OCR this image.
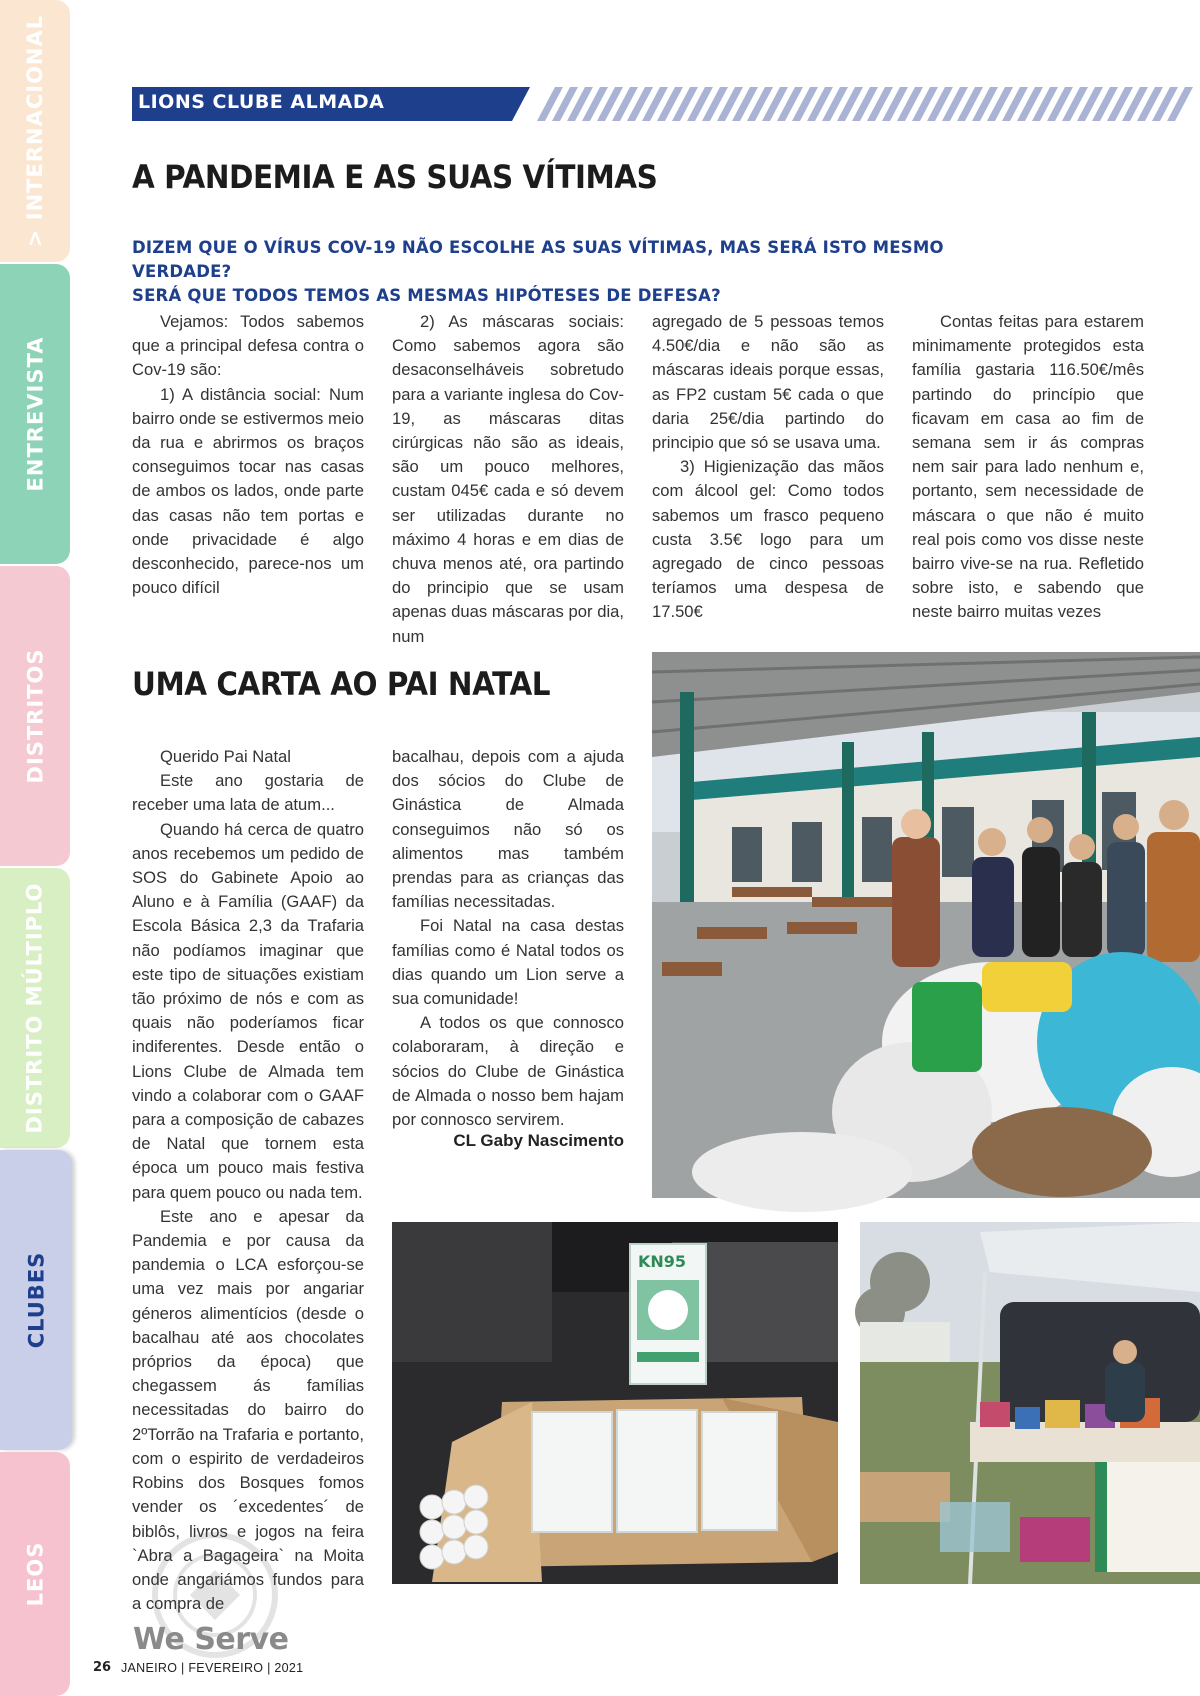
> INTERNACIONAL
ENTREVISTA
DISTRITOS
DISTRITO MÚLTIPLO
CLUBES
LEOS
LIONS CLUBE ALMADA
A PANDEMIA E AS SUAS VÍTIMAS
DIZEM QUE O VÍRUS COV-19 NÃO ESCOLHE AS SUAS VÍTIMAS, MAS SERÁ ISTO MESMO VERDADE?
SERÁ QUE TODOS TEMOS AS MESMAS HIPÓTESES DE DEFESA?

Vejamos: Todos sabemos que a principal defesa contra o Cov-19 são:

1) A distância social: Num bairro onde se estivermos meio da rua e abrirmos os braços conseguimos tocar nas casas de ambos os lados, onde parte das casas não tem portas e onde privacidade é algo desconhecido, parece-nos um pouco difícil

2) As máscaras sociais: Como sabemos agora são desaconselháveis sobretudo para a variante inglesa do Cov-19, as máscaras ditas cirúrgicas não são as ideais, são um pouco melhores, custam 045€ cada e só devem ser utilizadas durante no máximo 4 horas e em dias de chuva menos até, ora partindo do principio que se usam apenas duas máscaras por dia, num

agregado de 5 pessoas temos 4.50€/dia e não são as máscaras ideais porque essas, as FP2 custam 5€ cada o que daria 25€/dia partindo do principio que só se usava uma.

3) Higienização das mãos com álcool gel: Como todos sabemos um frasco pequeno custa 3.5€ logo para um agregado de cinco pessoas teríamos uma despesa de 17.50€

Contas feitas para estarem minimamente protegidos esta família gastaria 116.50€/mês partindo do princípio que ficavam em casa ao fim de semana sem ir ás compras nem sair para lado nenhum e, portanto, sem necessidade de máscara o que não é muito real pois como vos disse neste bairro vive-se na rua. Refletido sobre isto, e sabendo que neste bairro muitas vezes

UMA CARTA AO PAI NATAL

Querido Pai Natal

Este ano gostaria de receber uma lata de atum...

Quando há cerca de quatro anos recebemos um pedido de SOS do Gabinete Apoio ao Aluno e à Família (GAAF) da Escola Básica 2,3 da Trafaria não podíamos imaginar que este tipo de situações existiam tão próximo de nós e com as quais não poderíamos ficar indiferentes. Desde então o Lions Clube de Almada tem vindo a colaborar com o GAAF para a composição de cabazes de Natal que tornem esta época um pouco mais festiva para quem pouco ou nada tem.

Este ano e apesar da Pandemia e por causa da pandemia o LCA esforçou-se uma vez mais por angariar géneros alimentícios (desde o bacalhau até aos chocolates próprios da época) que chegassem ás famílias necessitadas do bairro do 2ºTorrão na Trafaria e portanto, com o espirito de verdadeiros Robins dos Bosques fomos vender os ´excedentes´ de biblôs, livros e jogos na feira `Abra a Bagageira` na Moita onde angariámos fundos para a compra de

bacalhau, depois com a ajuda dos sócios do Clube de Ginástica de Almada conseguimos não só os alimentos mas também prendas para as crianças das famílias necessitadas.

Foi Natal na casa destas famílias como é Natal todos os dias quando um Lion serve a sua comunidade!

A todos os que connosco colaboraram, à direção e sócios do Clube de Ginástica de Almada o nosso bem hajam por connosco servirem.

CL Gaby Nascimento
KN95
We Serve
26 JANEIRO | FEVEREIRO | 2021
